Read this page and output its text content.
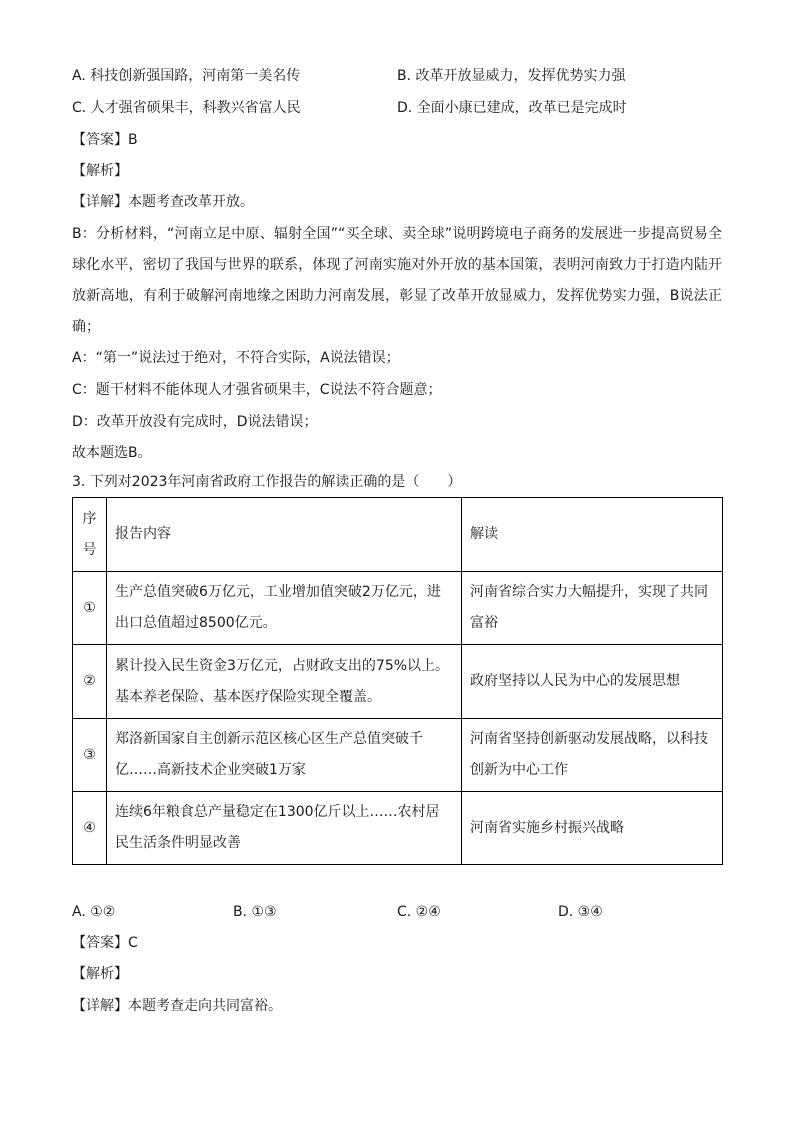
A. 科技创新强国路，河南第一美名传	B. 改革开放显威力，发挥优势实力强
C. 人才强省硕果丰，科教兴省富人民	D. 全面小康已建成，改革已是完成时
【答案】B
【解析】
【详解】本题考查改革开放。
B：分析材料，“河南立足中原、辐射全国”“买全球、卖全球”说明跨境电子商务的发展进一步提高贸易全球化水平，密切了我国与世界的联系，体现了河南实施对外开放的基本国策，表明河南致力于打造内陆开放新高地，有利于破解河南地缘之困助力河南发展，彰显了改革开放显威力，发挥优势实力强，B说法正确；
A：“第一”说法过于绝对，不符合实际，A说法错误；
C：题干材料不能体现人才强省硕果丰，C说法不符合题意；
D：改革开放没有完成时，D说法错误；
故本题选B。
3. 下列对2023年河南省政府工作报告的解读正确的是（　　）
序
号	报告内容	解读
①	生产总值突破6万亿元，工业增加值突破2万亿元，进出口总值超过8500亿元。	河南省综合实力大幅提升，实现了共同富裕
②	累计投入民生资金3万亿元，占财政支出的75%以上。基本养老保险、基本医疗保险实现全覆盖。	政府坚持以人民为中心的发展思想
③	郑洛新国家自主创新示范区核心区生产总值突破千亿……高新技术企业突破1万家	河南省坚持创新驱动发展战略，以科技创新为中心工作
④	连续6年粮食总产量稳定在1300亿斤以上……农村居民生活条件明显改善	河南省实施乡村振兴战略
A. ①②	B. ①③	C. ②④	D. ③④
【答案】C
【解析】
【详解】本题考查走向共同富裕。
